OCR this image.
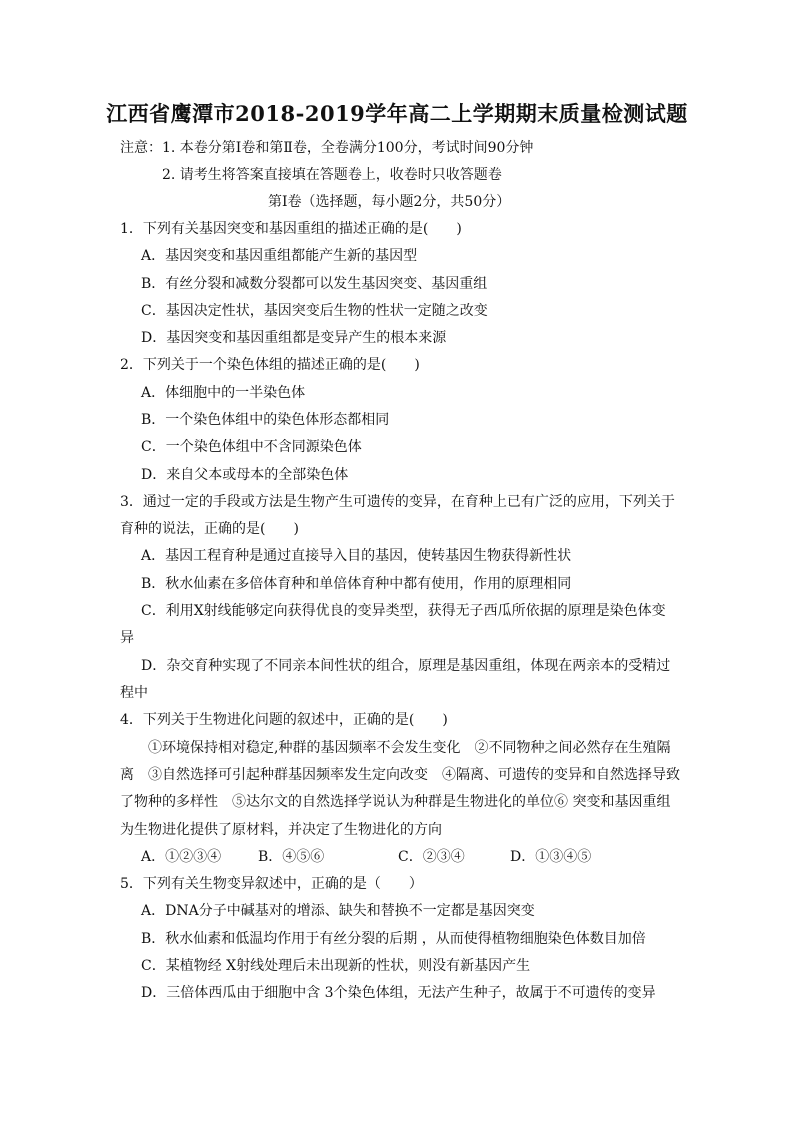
江西省鹰潭市2018-2019学年高二上学期期末质量检测试题
注意：1. 本卷分第Ⅰ卷和第Ⅱ卷，全卷满分100分，考试时间90分钟
2. 请考生将答案直接填在答题卷上，收卷时只收答题卷
第Ⅰ卷（选择题，每小题2分，共50分）
1．下列有关基因突变和基因重组的描述正确的是(　　)
A．基因突变和基因重组都能产生新的基因型
B．有丝分裂和减数分裂都可以发生基因突变、基因重组
C．基因决定性状，基因突变后生物的性状一定随之改变
D．基因突变和基因重组都是变异产生的根本来源
2．下列关于一个染色体组的描述正确的是(　　)
A．体细胞中的一半染色体
B．一个染色体组中的染色体形态都相同
C．一个染色体组中不含同源染色体
D．来自父本或母本的全部染色体
3．通过一定的手段或方法是生物产生可遗传的变异，在育种上已有广泛的应用，下列关于
育种的说法，正确的是(　　)
A．基因工程育种是通过直接导入目的基因，使转基因生物获得新性状
B．秋水仙素在多倍体育种和单倍体育种中都有使用，作用的原理相同
C．利用X射线能够定向获得优良的变异类型，获得无子西瓜所依据的原理是染色体变
异
D．杂交育种实现了不同亲本间性状的组合，原理是基因重组，体现在两亲本的受精过
程中
4．下列关于生物进化问题的叙述中，正确的是(　　)
①环境保持相对稳定,种群的基因频率不会发生变化　②不同物种之间必然存在生殖隔
离　③自然选择可引起种群基因频率发生定向改变　④隔离、可遗传的变异和自然选择导致
了物种的多样性　⑤达尔文的自然选择学说认为种群是生物进化的单位⑥ 突变和基因重组
为生物进化提供了原材料，并决定了生物进化的方向
A．①②③④	B．④⑤⑥	C．②③④	D．①③④⑤
5．下列有关生物变异叙述中，正确的是（　　）
A．DNA分子中碱基对的增添、缺失和替换不一定都是基因突变
B．秋水仙素和低温均作用于有丝分裂的后期 ，从而使得植物细胞染色体数目加倍
C．某植物经 X射线处理后未出现新的性状，则没有新基因产生
D．三倍体西瓜由于细胞中含 3个染色体组，无法产生种子，故属于不可遗传的变异
